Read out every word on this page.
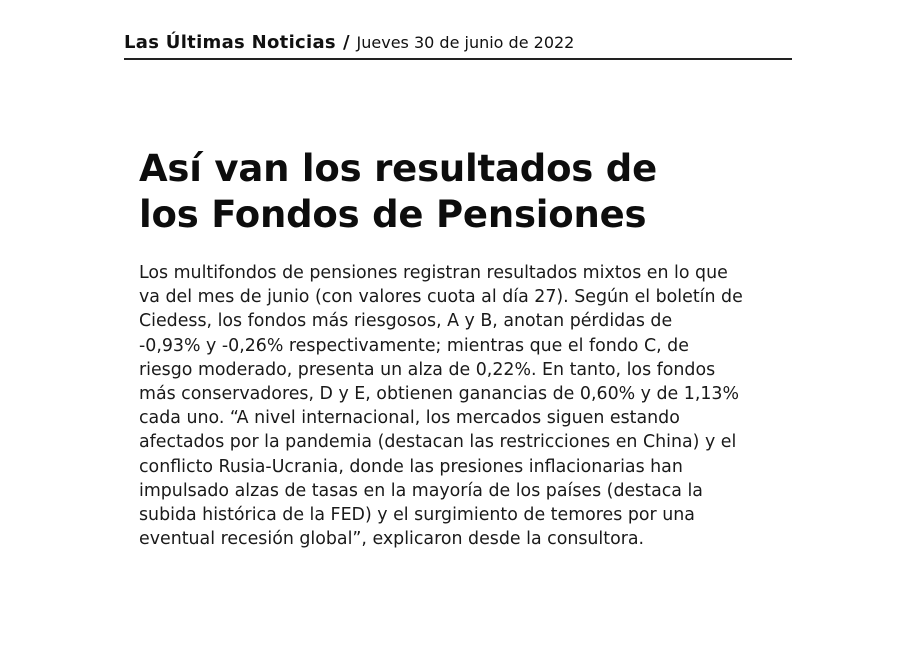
Las Últimas Noticias / Jueves 30 de junio de 2022
Así van los resultados de
los Fondos de Pensiones
Los multifondos de pensiones registran resultados mixtos en lo que
va del mes de junio (con valores cuota al día 27). Según el boletín de
Ciedess, los fondos más riesgosos, A y B, anotan pérdidas de
-0,93% y -0,26% respectivamente; mientras que el fondo C, de
riesgo moderado, presenta un alza de 0,22%. En tanto, los fondos
más conservadores, D y E, obtienen ganancias de 0,60% y de 1,13%
cada uno. “A nivel internacional, los mercados siguen estando
afectados por la pandemia (destacan las restricciones en China) y el
conflicto Rusia-Ucrania, donde las presiones inflacionarias han
impulsado alzas de tasas en la mayoría de los países (destaca la
subida histórica de la FED) y el surgimiento de temores por una
eventual recesión global”, explicaron desde la consultora.
